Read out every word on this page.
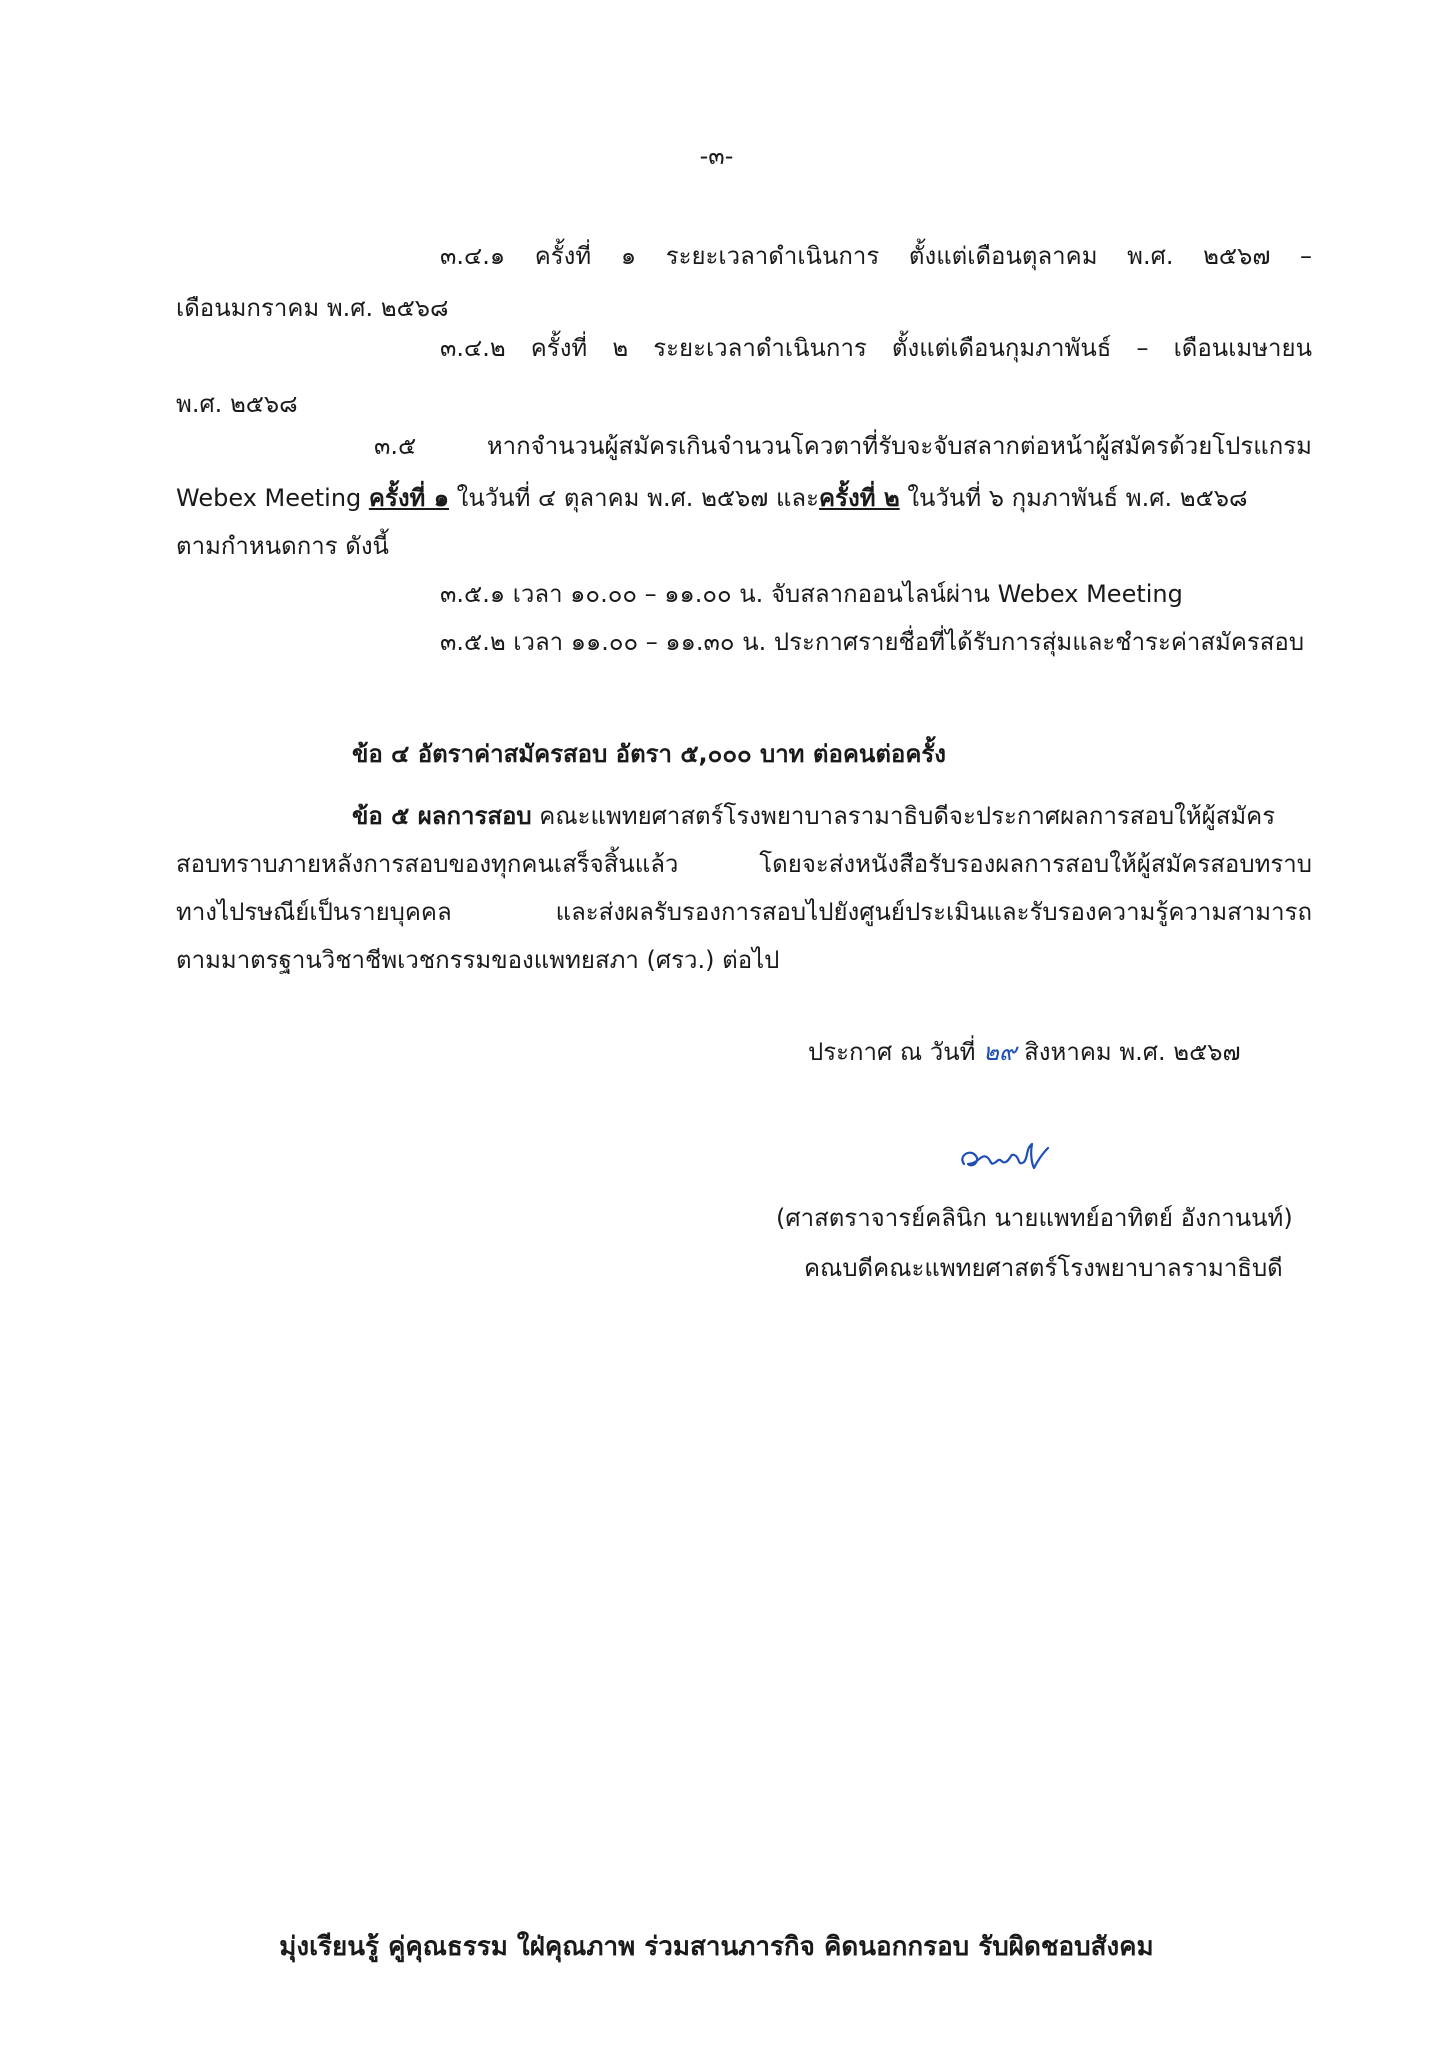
-๓-
๓.๔.๑ ครั้งที่ ๑ ระยะเวลาดำเนินการ ตั้งแต่เดือนตุลาคม พ.ศ. ๒๕๖๗ –
เดือนมกราคม พ.ศ. ๒๕๖๘
๓.๔.๒ ครั้งที่ ๒ ระยะเวลาดำเนินการ ตั้งแต่เดือนกุมภาพันธ์ – เดือนเมษายน
พ.ศ. ๒๕๖๘
๓.๕ หากจำนวนผู้สมัครเกินจำนวนโควตาที่รับจะจับสลากต่อหน้าผู้สมัครด้วยโปรแกรม
Webex Meeting ครั้งที่ ๑ ในวันที่ ๔ ตุลาคม พ.ศ. ๒๕๖๗ และครั้งที่ ๒ ในวันที่ ๖ กุมภาพันธ์ พ.ศ. ๒๕๖๘
ตามกำหนดการ ดังนี้
๓.๕.๑ เวลา ๑๐.๐๐ – ๑๑.๐๐ น. จับสลากออนไลน์ผ่าน Webex Meeting
๓.๕.๒ เวลา ๑๑.๐๐ – ๑๑.๓๐ น. ประกาศรายชื่อที่ได้รับการสุ่มและชำระค่าสมัครสอบ
ข้อ ๔ อัตราค่าสมัครสอบ อัตรา ๕,๐๐๐ บาท ต่อคนต่อครั้ง
ข้อ ๕ ผลการสอบ คณะแพทยศาสตร์โรงพยาบาลรามาธิบดีจะประกาศผลการสอบให้ผู้สมัคร
สอบทราบภายหลังการสอบของทุกคนเสร็จสิ้นแล้ว โดยจะส่งหนังสือรับรองผลการสอบให้ผู้สมัครสอบทราบ
ทางไปรษณีย์เป็นรายบุคคล และส่งผลรับรองการสอบไปยังศูนย์ประเมินและรับรองความรู้ความสามารถ
ตามมาตรฐานวิชาชีพเวชกรรมของแพทยสภา (ศรว.) ต่อไป
ประกาศ ณ วันที่ ๒๙ สิงหาคม พ.ศ. ๒๕๖๗
(ศาสตราจารย์คลินิก นายแพทย์อาทิตย์ อังกานนท์)
คณบดีคณะแพทยศาสตร์โรงพยาบาลรามาธิบดี
มุ่งเรียนรู้ คู่คุณธรรม ใฝ่คุณภาพ ร่วมสานภารกิจ คิดนอกกรอบ รับผิดชอบสังคม
